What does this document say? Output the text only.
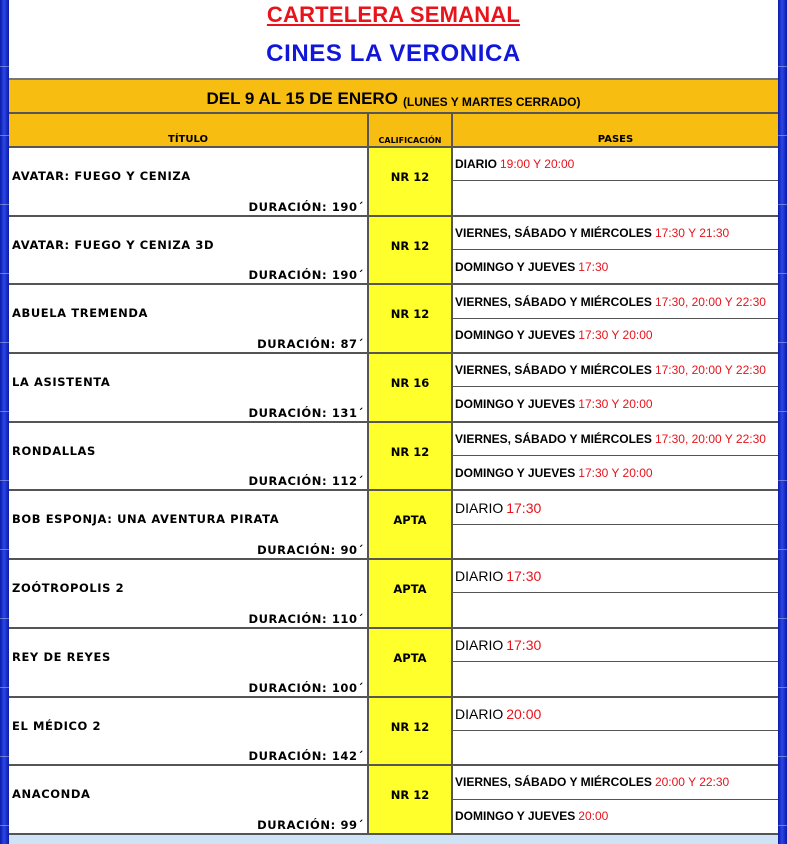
CARTELERA SEMANAL
CINES LA VERONICA
DEL 9 AL 15 DE ENERO (LUNES Y MARTES CERRADO)
TÍTULO	CALIFICACIÓN	PASES
AVATAR: FUEGO Y CENIZA
DURACIÓN: 190´
NR 12
DIARIO 19:00 Y 20:00
AVATAR: FUEGO Y CENIZA 3D
DURACIÓN: 190´
NR 12
VIERNES, SÁBADO Y MIÉRCOLES 17:30 Y 21:30
DOMINGO Y JUEVES 17:30
ABUELA TREMENDA
DURACIÓN: 87´
NR 12
VIERNES, SÁBADO Y MIÉRCOLES 17:30, 20:00 Y 22:30
DOMINGO Y JUEVES 17:30 Y 20:00
LA ASISTENTA
DURACIÓN: 131´
NR 16
VIERNES, SÁBADO Y MIÉRCOLES 17:30, 20:00 Y 22:30
DOMINGO Y JUEVES 17:30 Y 20:00
RONDALLAS
DURACIÓN: 112´
NR 12
VIERNES, SÁBADO Y MIÉRCOLES 17:30, 20:00 Y 22:30
DOMINGO Y JUEVES 17:30 Y 20:00
BOB ESPONJA: UNA AVENTURA PIRATA
DURACIÓN: 90´
APTA
DIARIO 17:30
ZOÓTROPOLIS 2
DURACIÓN: 110´
APTA
DIARIO 17:30
REY DE REYES
DURACIÓN: 100´
APTA
DIARIO 17:30
EL MÉDICO 2
DURACIÓN: 142´
NR 12
DIARIO 20:00
ANACONDA
DURACIÓN: 99´
NR 12
VIERNES, SÁBADO Y MIÉRCOLES 20:00 Y 22:30
DOMINGO Y JUEVES 20:00
